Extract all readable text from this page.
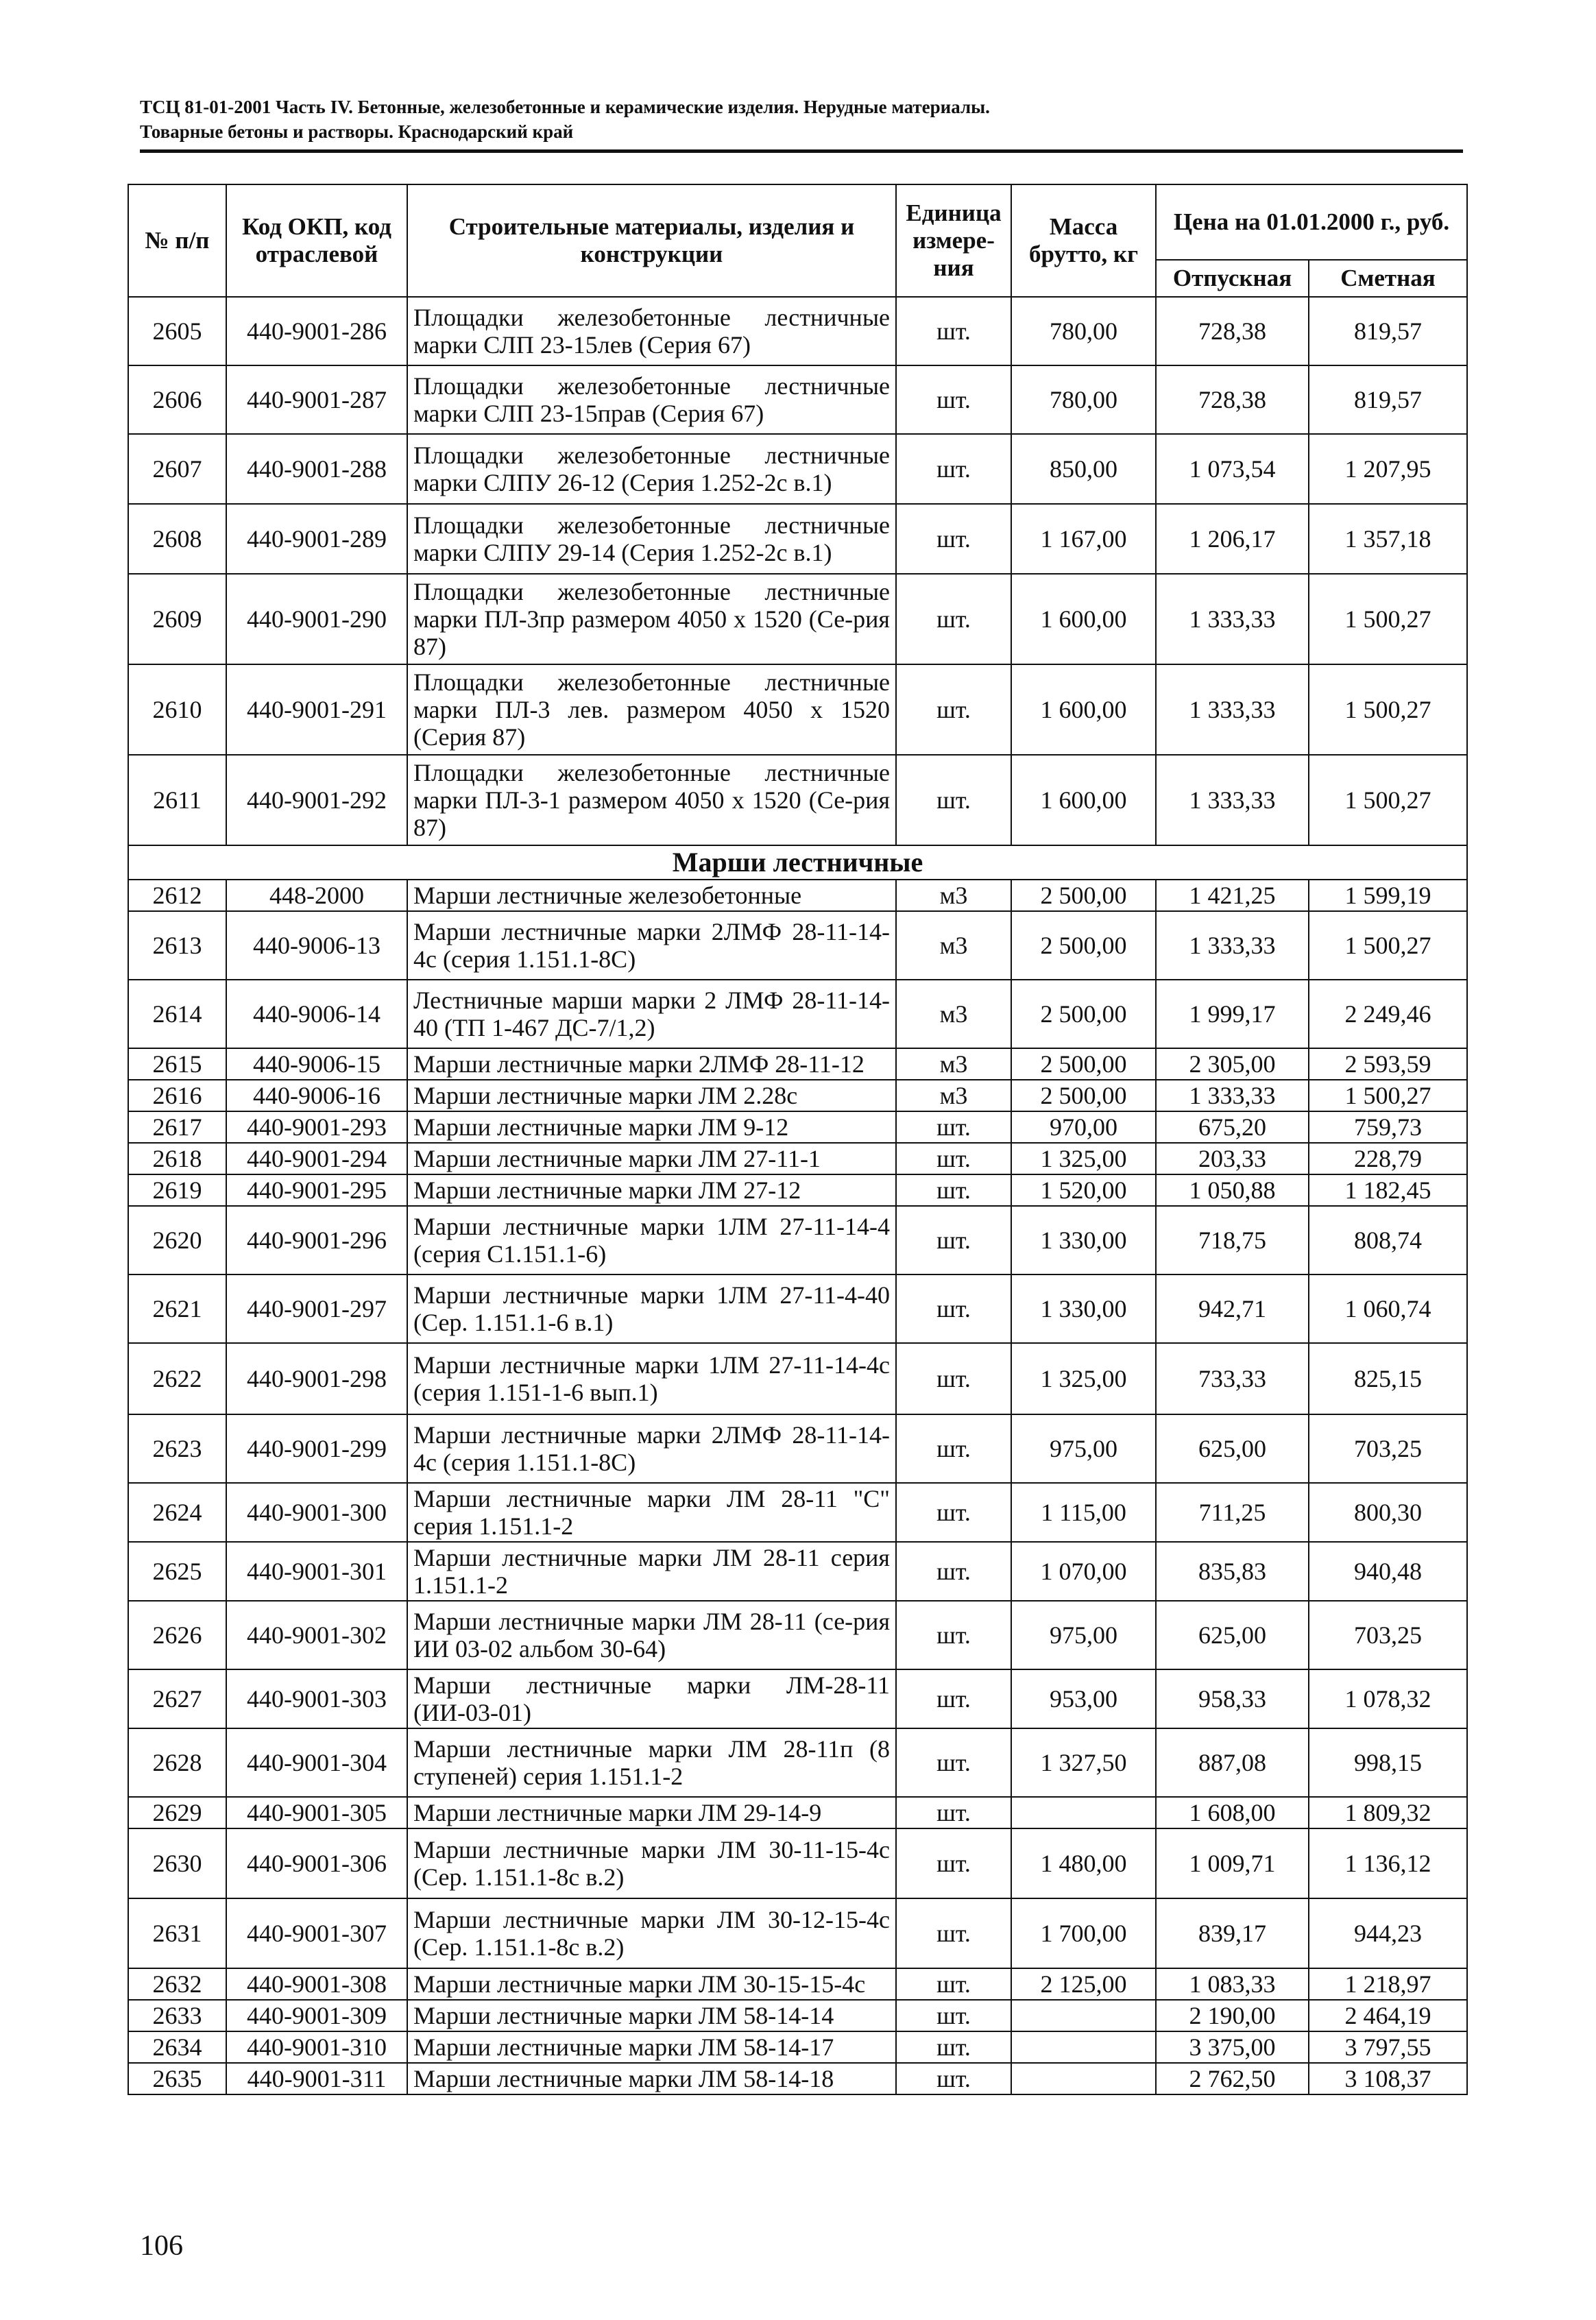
ТСЦ 81-01-2001 Часть IV. Бетонные, железобетонные и керамические изделия. Нерудные материалы.
Товарные бетоны и растворы. Краснодарский край
№ п/п	Код ОКП, код отраслевой	Строительные материалы, изделия и конструкции	Единица измере-ния	Масса брутто, кг	Цена на 01.01.2000 г., руб.	
					Отпускная	Сметная
2605	440-9001-286	Площадки железобетонные лестничные марки СЛП 23-15лев (Серия 67)	шт.	780,00	728,38	819,57
2606	440-9001-287	Площадки железобетонные лестничные марки СЛП 23-15прав (Серия 67)	шт.	780,00	728,38	819,57
2607	440-9001-288	Площадки железобетонные лестничные марки СЛПУ 26-12 (Серия 1.252-2с в.1)	шт.	850,00	1 073,54	1 207,95
2608	440-9001-289	Площадки железобетонные лестничные марки СЛПУ 29-14 (Серия 1.252-2с в.1)	шт.	1 167,00	1 206,17	1 357,18
2609	440-9001-290	Площадки железобетонные лестничные марки ПЛ-3пр размером 4050 х 1520 (Се-рия 87)	шт.	1 600,00	1 333,33	1 500,27
2610	440-9001-291	Площадки железобетонные лестничные марки ПЛ-3 лев. размером 4050 х 1520 (Серия 87)	шт.	1 600,00	1 333,33	1 500,27
2611	440-9001-292	Площадки железобетонные лестничные марки ПЛ-3-1 размером 4050 х 1520 (Се-рия 87)	шт.	1 600,00	1 333,33	1 500,27
Марши лестничные						
2612	448-2000	Марши лестничные железобетонные	м3	2 500,00	1 421,25	1 599,19
2613	440-9006-13	Марши лестничные марки 2ЛМФ 28-11-14-4с (серия 1.151.1-8С)	м3	2 500,00	1 333,33	1 500,27
2614	440-9006-14	Лестничные марши марки 2 ЛМФ 28-11-14-40 (ТП 1-467 ДС-7/1,2)	м3	2 500,00	1 999,17	2 249,46
2615	440-9006-15	Марши лестничные марки 2ЛМФ 28-11-12	м3	2 500,00	2 305,00	2 593,59
2616	440-9006-16	Марши лестничные марки ЛМ 2.28с	м3	2 500,00	1 333,33	1 500,27
2617	440-9001-293	Марши лестничные марки ЛМ 9-12	шт.	970,00	675,20	759,73
2618	440-9001-294	Марши лестничные марки ЛМ 27-11-1	шт.	1 325,00	203,33	228,79
2619	440-9001-295	Марши лестничные марки ЛМ 27-12	шт.	1 520,00	1 050,88	1 182,45
2620	440-9001-296	Марши лестничные марки 1ЛМ 27-11-14-4 (серия С1.151.1-6)	шт.	1 330,00	718,75	808,74
2621	440-9001-297	Марши лестничные марки 1ЛМ 27-11-4-40 (Сер. 1.151.1-6 в.1)	шт.	1 330,00	942,71	1 060,74
2622	440-9001-298	Марши лестничные марки 1ЛМ 27-11-14-4с (серия 1.151-1-6 вып.1)	шт.	1 325,00	733,33	825,15
2623	440-9001-299	Марши лестничные марки 2ЛМФ 28-11-14-4с (серия 1.151.1-8С)	шт.	975,00	625,00	703,25
2624	440-9001-300	Марши лестничные марки ЛМ 28-11 "С" серия 1.151.1-2	шт.	1 115,00	711,25	800,30
2625	440-9001-301	Марши лестничные марки ЛМ 28-11 серия 1.151.1-2	шт.	1 070,00	835,83	940,48
2626	440-9001-302	Марши лестничные марки ЛМ 28-11 (се-рия ИИ 03-02 альбом 30-64)	шт.	975,00	625,00	703,25
2627	440-9001-303	Марши лестничные марки ЛМ-28-11 (ИИ-03-01)	шт.	953,00	958,33	1 078,32
2628	440-9001-304	Марши лестничные марки ЛМ 28-11п (8 ступеней) серия 1.151.1-2	шт.	1 327,50	887,08	998,15
2629	440-9001-305	Марши лестничные марки ЛМ 29-14-9	шт.		1 608,00	1 809,32
2630	440-9001-306	Марши лестничные марки ЛМ 30-11-15-4с (Сер. 1.151.1-8с в.2)	шт.	1 480,00	1 009,71	1 136,12
2631	440-9001-307	Марши лестничные марки ЛМ 30-12-15-4с (Сер. 1.151.1-8с в.2)	шт.	1 700,00	839,17	944,23
2632	440-9001-308	Марши лестничные марки ЛМ 30-15-15-4с	шт.	2 125,00	1 083,33	1 218,97
2633	440-9001-309	Марши лестничные марки ЛМ 58-14-14	шт.		2 190,00	2 464,19
2634	440-9001-310	Марши лестничные марки ЛМ 58-14-17	шт.		3 375,00	3 797,55
2635	440-9001-311	Марши лестничные марки ЛМ 58-14-18	шт.		2 762,50	3 108,37
106
